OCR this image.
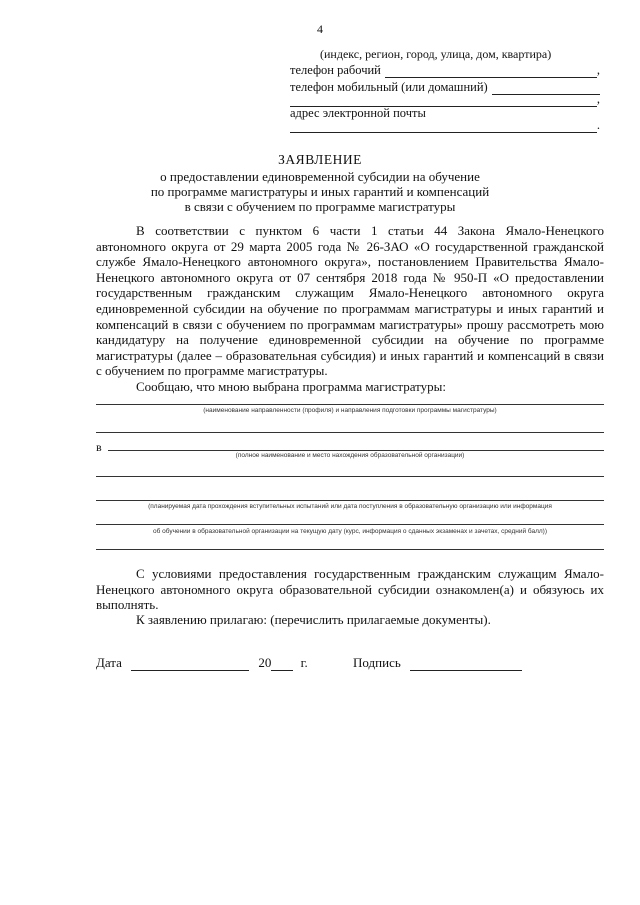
4
(индекс, регион, город, улица, дом, квартира)
телефон рабочий	,
телефон мобильный (или домашний)
,
адрес электронной почты
.
ЗАЯВЛЕНИЕ
о предоставлении единовременной субсидии на обучение
по программе магистратуры и иных гарантий и компенсаций
в связи с обучением по программе магистратуры
В соответствии с пунктом 6 части 1 статьи 44 Закона Ямало-Ненецкого автономного округа от 29 марта 2005 года № 26-ЗАО «О государственной гражданской службе Ямало-Ненецкого автономного округа», постановлением Правительства Ямало-Ненецкого автономного округа от 07 сентября 2018 года № 950-П «О предоставлении государственным гражданским служащим Ямало-Ненецкого автономного округа единовременной субсидии на обучение по программам магистратуры и иных гарантий и компенсаций в связи с обучением по программам магистратуры» прошу рассмотреть мою кандидатуру на получение единовременной субсидии на обучение по программе магистратуры (далее – образовательная субсидия) и иных гарантий и компенсаций в связи с обучением по программе магистратуры.
Сообщаю, что мною выбрана программа магистратуры:
(наименование направленности (профиля) и направления подготовки программы магистратуры)
в
(полное наименование и место нахождения образовательной организации)
(планируемая дата прохождения вступительных испытаний или дата поступления в образовательную организацию или информация
об обучении в образовательной организации на текущую дату (курс, информация о сданных экзаменах и зачетах, средний балл))
С условиями предоставления государственным гражданским служащим Ямало-Ненецкого автономного округа образовательной субсидии ознакомлен(а) и обязуюсь их выполнять.
К заявлению прилагаю: (перечислить прилагаемые документы).
Дата	20 г.	Подпись
